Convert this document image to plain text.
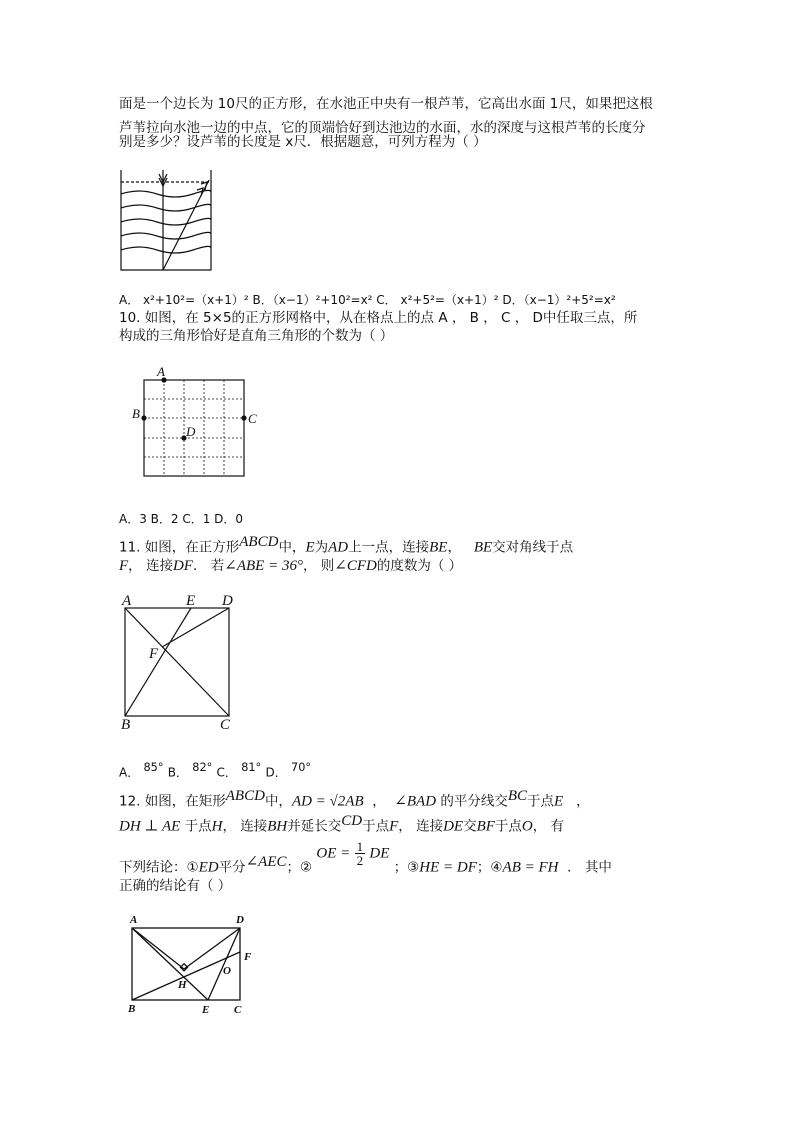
面是一个边长为 10尺的正方形，在水池正中央有一根芦苇，它高出水面 1尺，如果把这根
芦苇拉向水池一边的中点，它的顶端恰好到达池边的水面，水的深度与这根芦苇的长度分
别是多少？设芦苇的长度是 x尺．根据题意，可列方程为（ ）
A． x²+10²=（x+1）² B．（x−1）²+10²=x² C． x²+5²=（x+1）² D．（x−1）²+5²=x²
10. 如图，在 5×5的正方形网格中，从在格点上的点 A ， B ， C ， D中任取三点，所
构成的三角形恰好是直角三角形的个数为（ ）
A
B	C
D
A．3 B．2 C．1 D．0
11. 如图，在正方形$^{ABCD}$中，E为AD上一点，连接BE， BE交对角线于点
F， 连接DF． 若∠ABE = 36°， 则∠CFD的度数为（ ）
A	E D
F
B	C
A． $^{85^\circ}$ B． $^{82^\circ}$ C． $^{81^\circ}$ D． $^{70^\circ}$
12. 如图，在矩形$^{ABCD}$中，AD = √2AB ， ∠BAD 的平分线交$^{BC}$于点E ，
DH ⊥ AE 于点H， 连接BH并延长交$^{CD}$于点F， 连接DE交BF于点O， 有
下列结论：①ED平分$^{\angle AEC}$；② OE = $\frac{1}{2}$ DE ；③HE = DF；④AB = FH ． 其中
正确的结论有（ ）
A	D
F
O
H
B	E C
